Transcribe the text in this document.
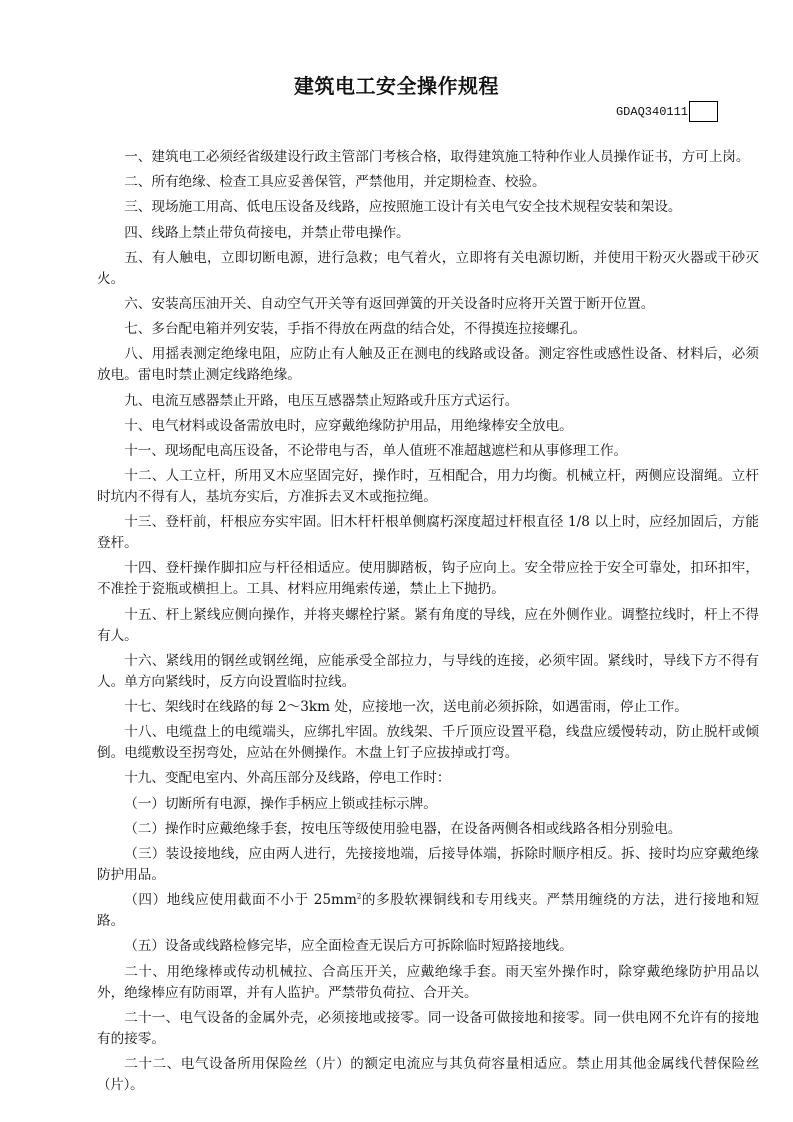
建筑电工安全操作规程
GDAQ340111

一、建筑电工必须经省级建设行政主管部门考核合格，取得建筑施工特种作业人员操作证书，方可上岗。

二、所有绝缘、检查工具应妥善保管，严禁他用，并定期检查、校验。

三、现场施工用高、低电压设备及线路，应按照施工设计有关电气安全技术规程安装和架设。

四、线路上禁止带负荷接电，并禁止带电操作。

五、有人触电，立即切断电源，进行急救；电气着火，立即将有关电源切断，并使用干粉灭火器或干砂灭火。

六、安装高压油开关、自动空气开关等有返回弹簧的开关设备时应将开关置于断开位置。

七、多台配电箱并列安装，手指不得放在两盘的结合处，不得摸连拉接螺孔。

八、用摇表测定绝缘电阻，应防止有人触及正在测电的线路或设备。测定容性或感性设备、材料后，必须放电。雷电时禁止测定线路绝缘。

九、电流互感器禁止开路，电压互感器禁止短路或升压方式运行。

十、电气材料或设备需放电时，应穿戴绝缘防护用品，用绝缘棒安全放电。

十一、现场配电高压设备，不论带电与否，单人值班不准超越遮栏和从事修理工作。

十二、人工立杆，所用叉木应坚固完好，操作时，互相配合，用力均衡。机械立杆，两侧应设溜绳。立杆时坑内不得有人，基坑夯实后，方准拆去叉木或拖拉绳。

十三、登杆前，杆根应夯实牢固。旧木杆杆根单侧腐朽深度超过杆根直径 1/8 以上时，应经加固后，方能登杆。

十四、登杆操作脚扣应与杆径相适应。使用脚踏板，钩子应向上。安全带应拴于安全可靠处，扣环扣牢，不准拴于瓷瓶或横担上。工具、材料应用绳索传递，禁止上下抛扔。

十五、杆上紧线应侧向操作，并将夹螺栓拧紧。紧有角度的导线，应在外侧作业。调整拉线时，杆上不得有人。

十六、紧线用的钢丝或钢丝绳，应能承受全部拉力，与导线的连接，必须牢固。紧线时，导线下方不得有人。单方向紧线时，反方向设置临时拉线。

十七、架线时在线路的每 2～3km 处，应接地一次，送电前必须拆除，如遇雷雨，停止工作。

十八、电缆盘上的电缆端头，应绑扎牢固。放线架、千斤顶应设置平稳，线盘应缓慢转动，防止脱杆或倾倒。电缆敷设至拐弯处，应站在外侧操作。木盘上钉子应拔掉或打弯。

十九、变配电室内、外高压部分及线路，停电工作时：

（一）切断所有电源，操作手柄应上锁或挂标示牌。

（二）操作时应戴绝缘手套，按电压等级使用验电器，在设备两侧各相或线路各相分别验电。

（三）装设接地线，应由两人进行，先接接地端，后接导体端，拆除时顺序相反。拆、接时均应穿戴绝缘防护用品。

（四）地线应使用截面不小于 $25mm^2$的多股软裸铜线和专用线夹。严禁用缠绕的方法，进行接地和短路。

（五）设备或线路检修完毕，应全面检查无误后方可拆除临时短路接地线。

二十、用绝缘棒或传动机械拉、合高压开关，应戴绝缘手套。雨天室外操作时，除穿戴绝缘防护用品以外，绝缘棒应有防雨罩，并有人监护。严禁带负荷拉、合开关。

二十一、电气设备的金属外壳，必须接地或接零。同一设备可做接地和接零。同一供电网不允许有的接地有的接零。

二十二、电气设备所用保险丝（片）的额定电流应与其负荷容量相适应。禁止用其他金属线代替保险丝（片）。
